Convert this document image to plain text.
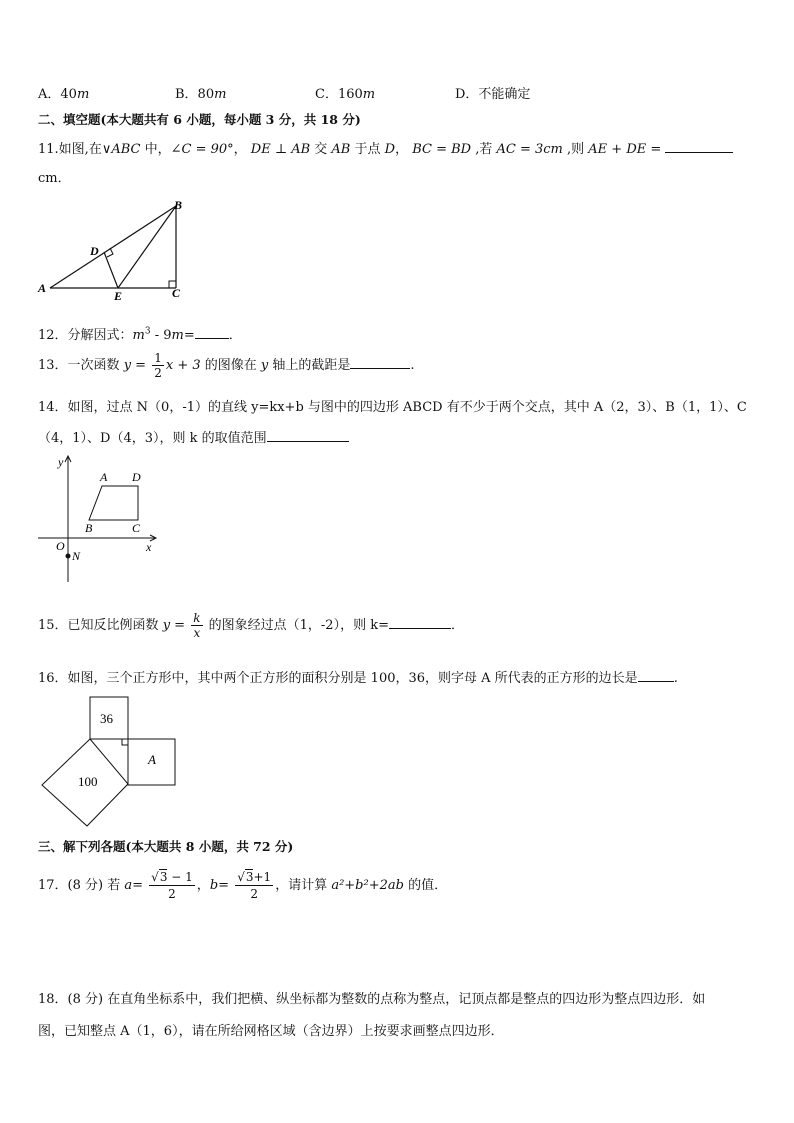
A．40m	B．80m	C．160m	D．不能确定
二、填空题(本大题共有 6 小题，每小题 3 分，共 18 分)
11.如图,在∨ABC 中，∠C = 90°， DE ⊥ AB 交 AB 于点 D， BC = BD ,若 AC = 3cm ,则 AE + DE =
cm．
A
B
C
D
E
12．分解因式：$m^3 - 9m=$	．
13．一次函数 $y = \frac{1}{2}$ x + 3 的图像在 y 轴上的截距是	.
14．如图，过点 N（0，-1）的直线 y=kx+b 与图中的四边形 ABCD 有不少于两个交点，其中 A（2，3）、B（1，1）、C
（4，1）、D（4，3），则 k 的取值范围
y
x
O
N
A D
B	C
15．已知反比例函数 $y = \frac{k}{x}$ 的图象经过点（1，-2），则 k=	．
16．如图，三个正方形中，其中两个正方形的面积分别是 100，36，则字母 A 所代表的正方形的边长是	.
36
100
A
三、解下列各题(本大题共 8 小题，共 72 分)
17．(8 分) 若 $a= \frac{√3 - 1}{2}$ ，$b= \frac{√3+1}{2}$ ，请计算 a²+b²+2ab 的值．
18．(8 分) 在直角坐标系中，我们把横、纵坐标都为整数的点称为整点，记顶点都是整点的四边形为整点四边形．如
图，已知整点 A（1，6），请在所给网格区域（含边界）上按要求画整点四边形．
